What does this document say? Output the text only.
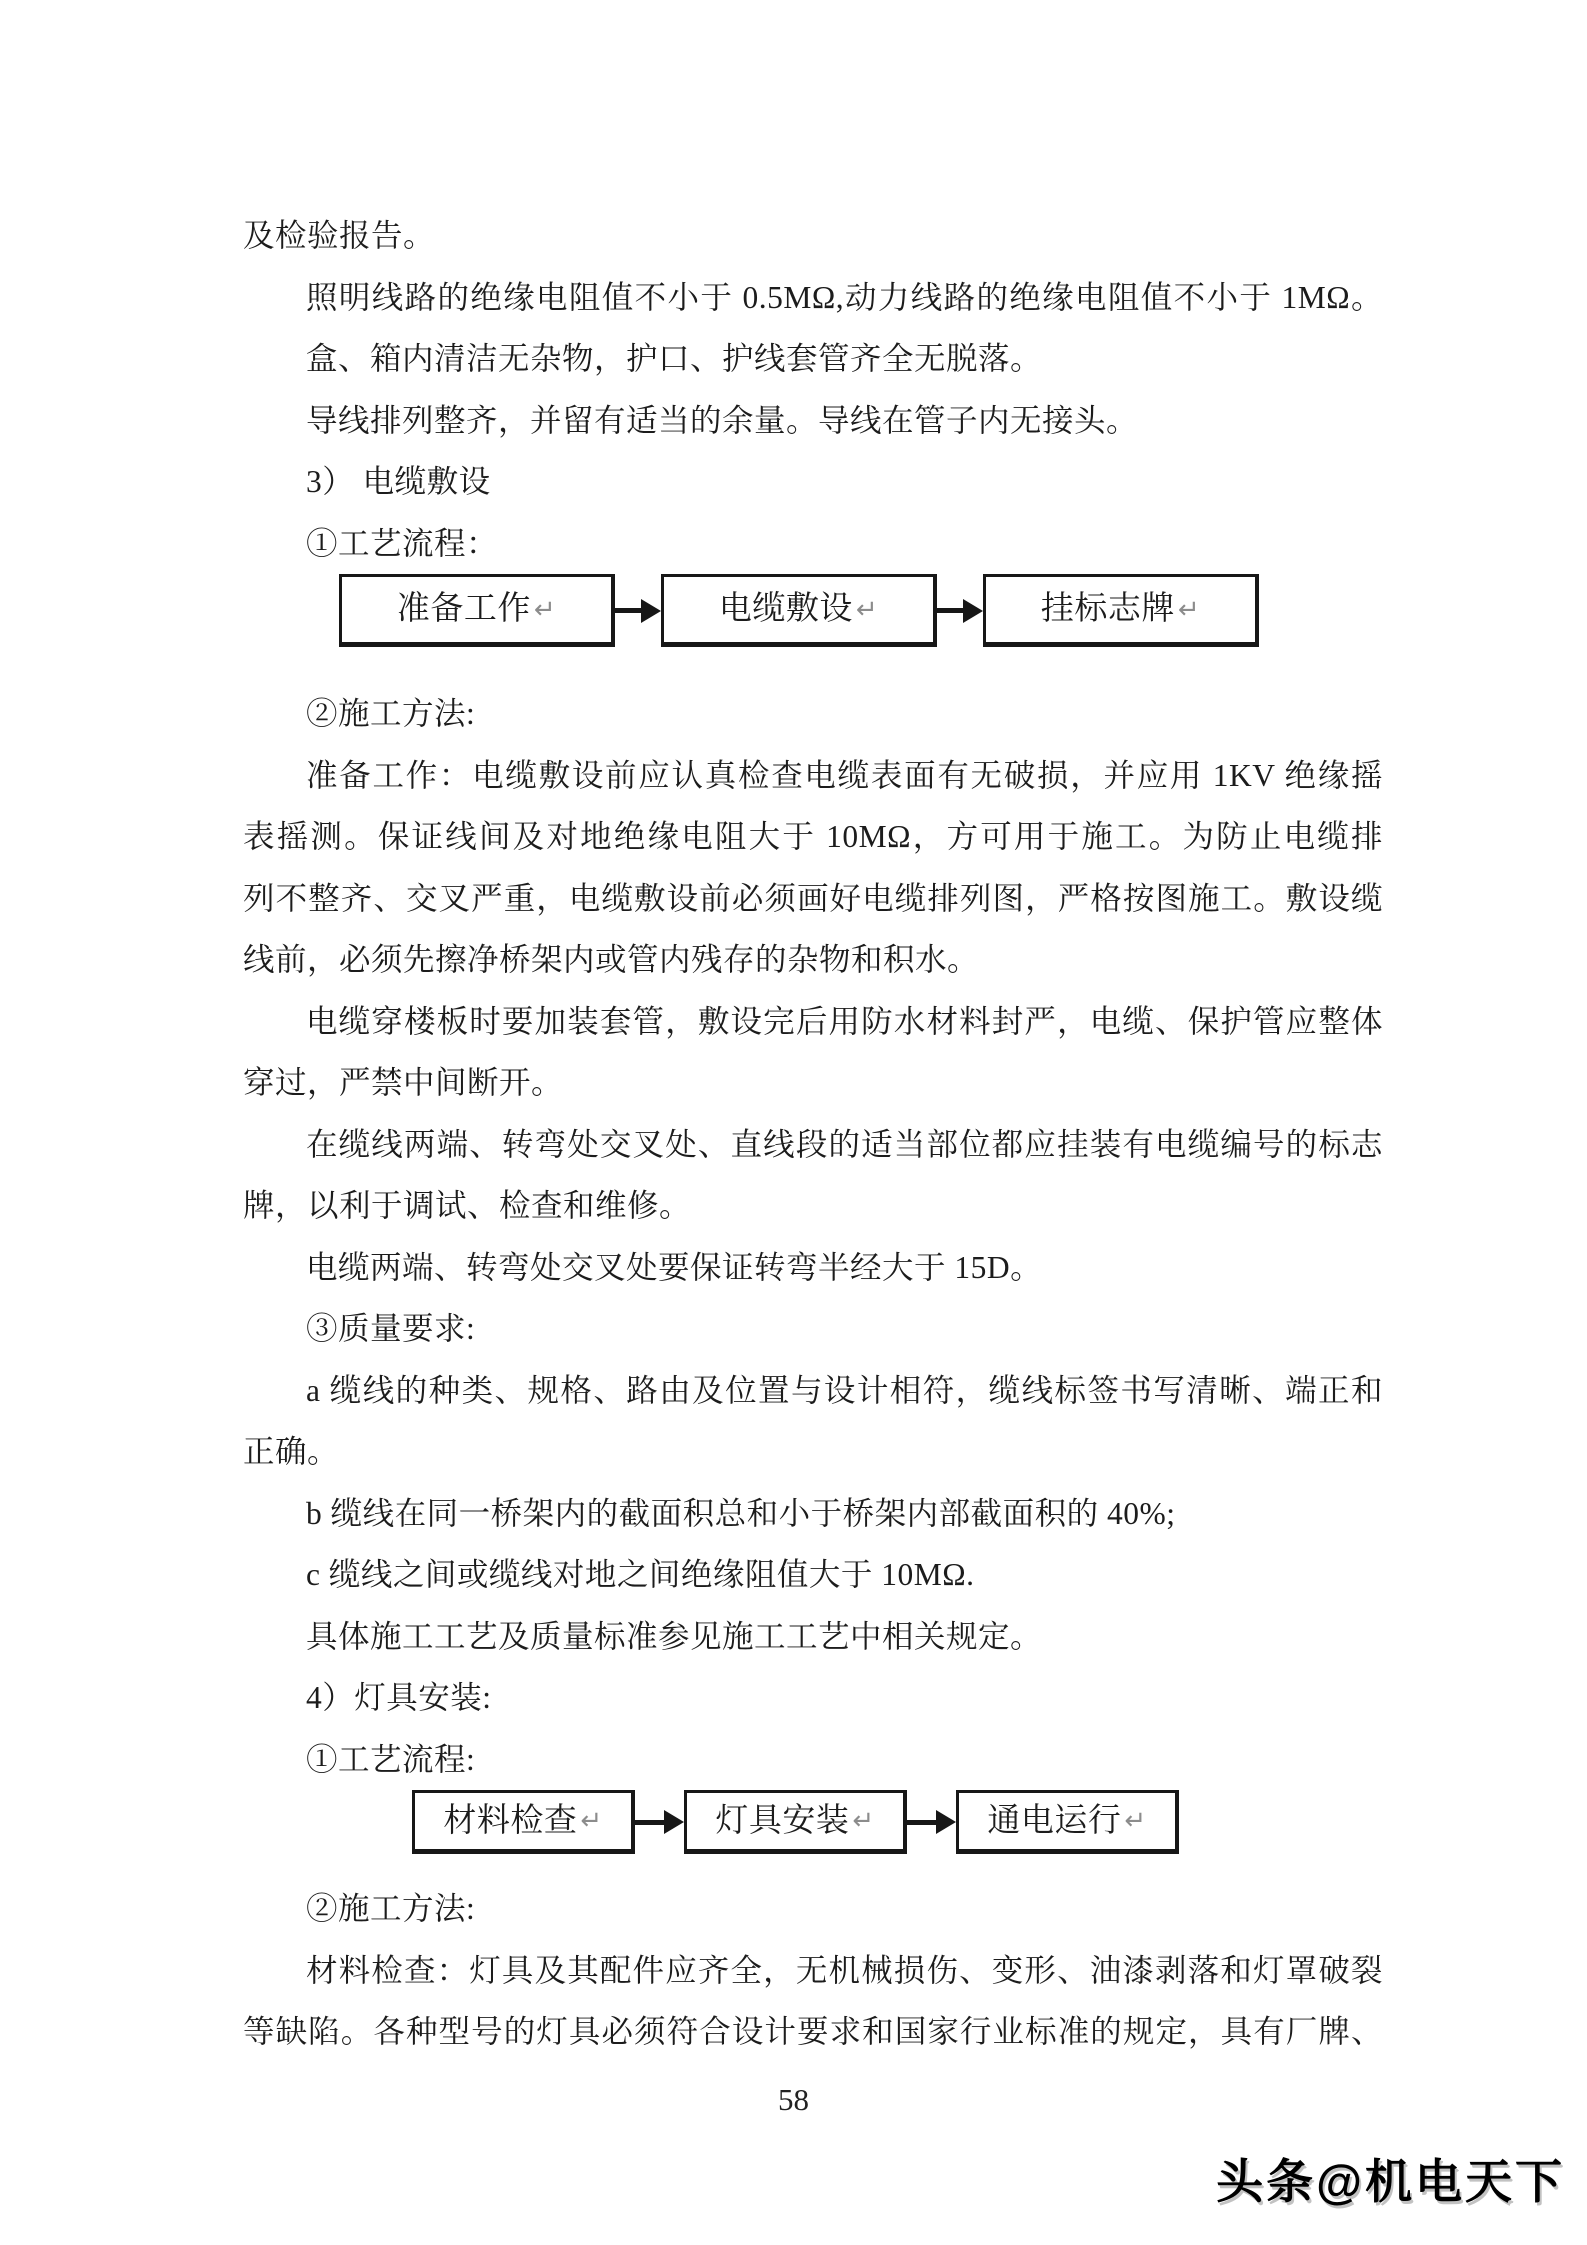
及检验报告。
照明线路的绝缘电阻值不小于 0.5MΩ,动力线路的绝缘电阻值不小于 1MΩ。
盒、箱内清洁无杂物，护口、护线套管齐全无脱落。
导线排列整齐，并留有适当的余量。导线在管子内无接头。
3） 电缆敷设
①工艺流程：
准备工作 ↵	电缆敷设 ↵	挂标志牌 ↵
②施工方法:
准备工作：电缆敷设前应认真检查电缆表面有无破损，并应用 1KV 绝缘摇
表摇测。保证线间及对地绝缘电阻大于 10MΩ，方可用于施工。为防止电缆排
列不整齐、交叉严重，电缆敷设前必须画好电缆排列图，严格按图施工。敷设缆
线前，必须先擦净桥架内或管内残存的杂物和积水。
电缆穿楼板时要加装套管，敷设完后用防水材料封严，电缆、保护管应整体
穿过，严禁中间断开。
在缆线两端、转弯处交叉处、直线段的适当部位都应挂装有电缆编号的标志
牌，以利于调试、检查和维修。
电缆两端、转弯处交叉处要保证转弯半经大于 15D。
③质量要求:
a 缆线的种类、规格、路由及位置与设计相符，缆线标签书写清晰、端正和
正确。
b 缆线在同一桥架内的截面积总和小于桥架内部截面积的 40%;
c 缆线之间或缆线对地之间绝缘阻值大于 10MΩ.
具体施工工艺及质量标准参见施工工艺中相关规定。
4）灯具安装:
①工艺流程:
材料检查 ↵	灯具安装 ↵	通电运行 ↵
②施工方法:
材料检查：灯具及其配件应齐全，无机械损伤、变形、油漆剥落和灯罩破裂
等缺陷。各种型号的灯具必须符合设计要求和国家行业标准的规定，具有厂牌、
58
头条@机电天下
